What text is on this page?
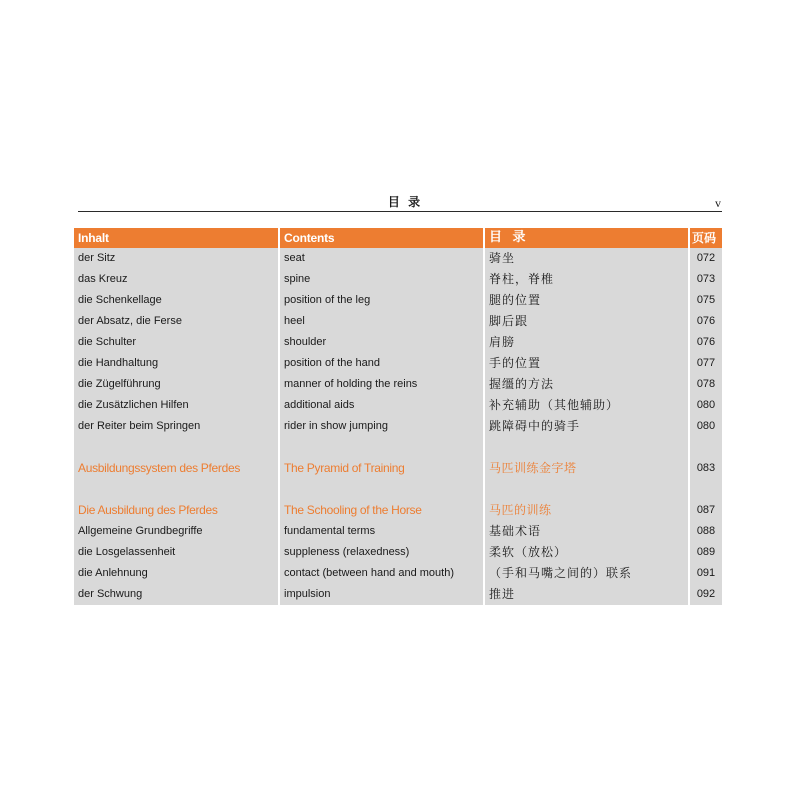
目 录	v
Inhalt	Contents	目 录	页码
der Sitz	seat	骑坐	072
das Kreuz	spine	脊柱，脊椎	073
die Schenkellage	position of the leg	腿的位置	075
der Absatz, die Ferse	heel	脚后跟	076
die Schulter	shoulder	肩膀	076
die Handhaltung	position of the hand	手的位置	077
die Zügelführung	manner of holding the reins	握缰的方法	078
die Zusätzlichen Hilfen	additional aids	补充辅助（其他辅助）	080
der Reiter beim Springen	rider in show jumping	跳障碍中的骑手	080
Ausbildungssystem des Pferdes	The Pyramid of Training	马匹训练金字塔	083
Die Ausbildung des Pferdes	The Schooling of the Horse	马匹的训练	087
Allgemeine Grundbegriffe	fundamental terms	基础术语	088
die Losgelassenheit	suppleness (relaxedness)	柔软（放松）	089
die Anlehnung	contact (between hand and mouth)	（手和马嘴之间的）联系	091
der Schwung	impulsion	推进	092
